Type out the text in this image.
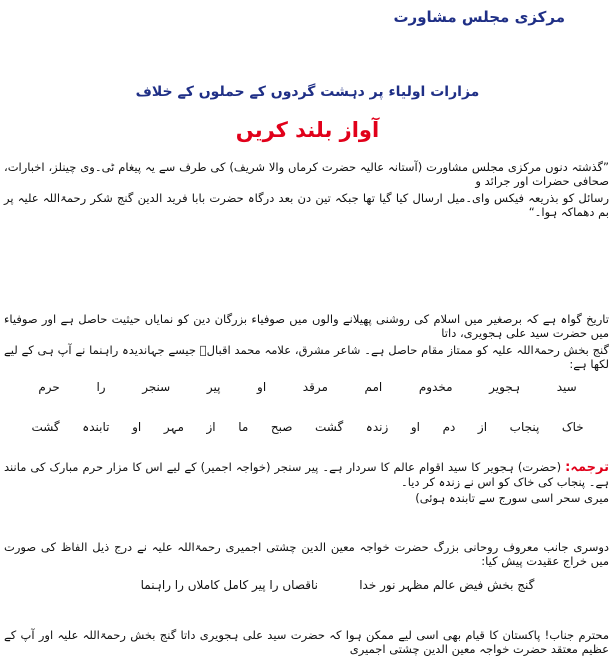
مرکزی مجلس مشاورت
مزارات اولیاء پر دہشت گردوں کے حملوں کے خلاف
آواز بلند کریں
”گذشتہ دنوں مرکزی مجلس مشاورت (آستانہ عالیہ حضرت کرماں والا شریف) کی طرف سے یہ پیغام ٹی۔وی چینلز، اخبارات، صحافی حضرات اور جرائد و
رسائل کو بذریعہ فیکس وای۔میل ارسال کیا گیا تھا جبکہ تین دن بعد درگاہ حضرت بابا فرید الدین گنج شکر رحمۃاللہ علیہ پر بم دھماکہ ہوا۔“
تاریخ گواہ ہے کہ برصغیر میں اسلام کی روشنی پھیلانے والوں میں صوفیاء بزرگان دین کو نمایاں حیثیت حاصل ہے اور صوفیاء میں حضرت سید علی ہجویری، داتا
گنج بخش رحمۃاللہ علیہ کو ممتاز مقام حاصل ہے۔ شاعر مشرق، علامہ محمد اقبالؒ جیسے جہاندیدہ راہنما نے آپ ہی کے لیے لکھا ہے:
سید
ہجویر
مخدوم
امم
مرقد
او
پیر
سنجر
را
حرم
خاک
پنجاب
از
دم
او
زندہ
گشت
صبح
ما
از
مہر
او
تابندہ
گشت
ترجمہ: (حضرت) ہجویر کا سید اقوام عالم کا سردار ہے۔ پیر سنجر (خواجہ اجمیر) کے لیے اس کا مزار حرم مبارک کی مانند ہے۔ پنجاب کی خاک کو اس نے زندہ کر دیا۔
میری سحر اسی سورج سے تابندہ ہوئی)
دوسری جانب معروف روحانی بزرگ حضرت خواجہ معین الدین چشتی اجمیری رحمۃاللہ علیہ نے درج ذیل الفاظ کی صورت میں خراج عقیدت پیش کیا:
گنج بخش فیض عالم مظہر نور خدا
ناقصاں را پیر کامل کاملاں را راہنما
محترم جناب! پاکستان کا قیام بھی اسی لیے ممکن ہوا کہ حضرت سید علی ہجویری داتا گنج بخش رحمۃاللہ علیہ اور آپ کے عظیم معتقد حضرت خواجہ معین الدین چشتی اجمیری
